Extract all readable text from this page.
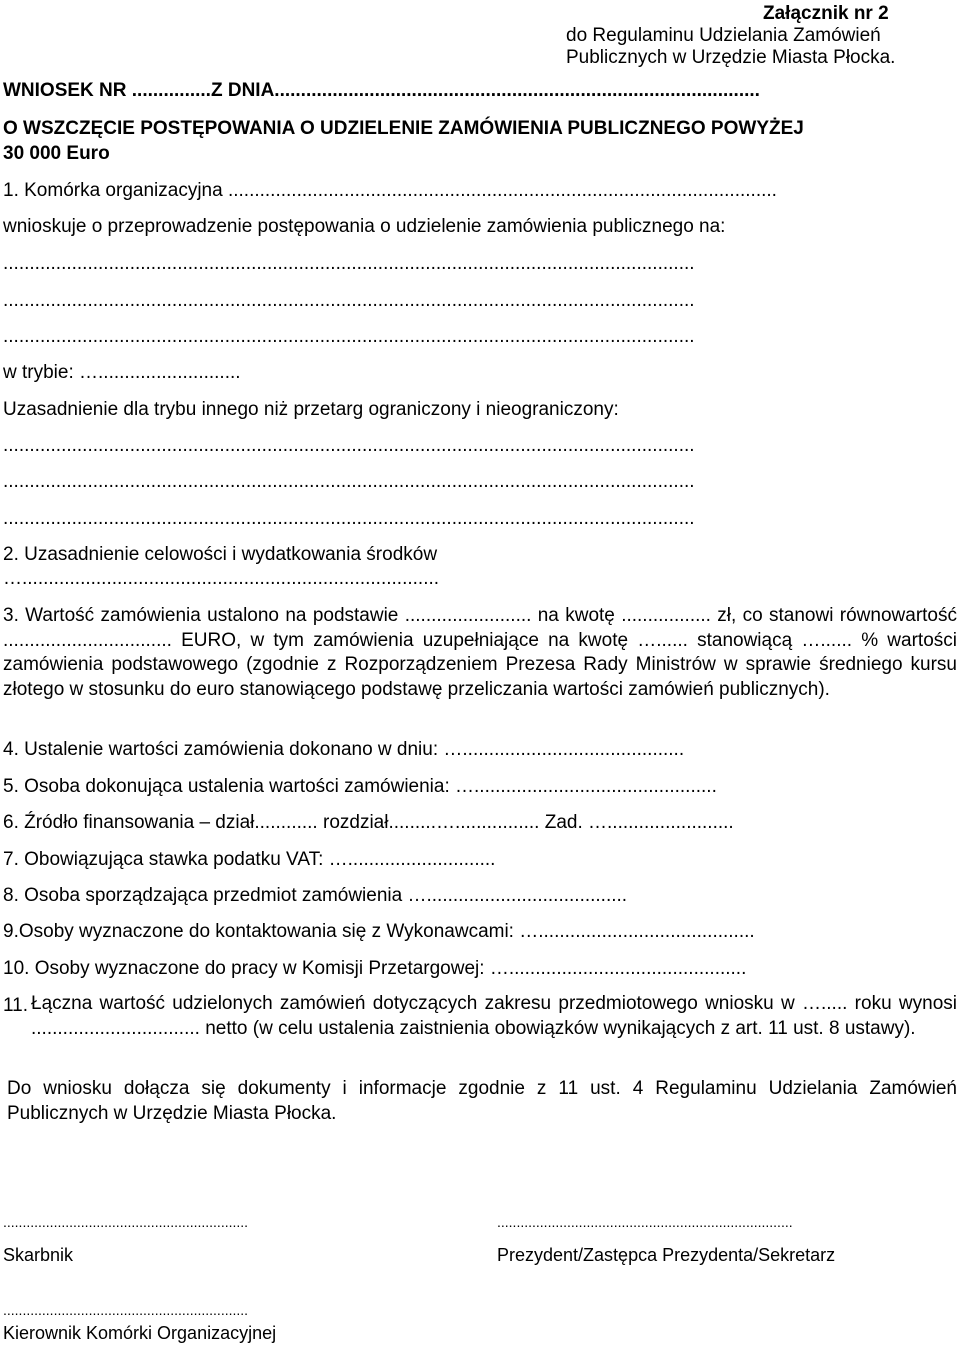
Załącznik nr 2
do Regulaminu Udzielania Zamówień
Publicznych w Urzędzie Miasta Płocka.
WNIOSEK NR ...............Z DNIA............................................................................................
O WSZCZĘCIE POSTĘPOWANIA O UDZIELENIE ZAMÓWIENIA PUBLICZNEGO POWYŻEJ
30 000 Euro
1. Komórka organizacyjna ........................................................................................................
wnioskuje o przeprowadzenie postępowania o udzielenie zamówienia publicznego na:
...................................................................................................................................
...................................................................................................................................
...................................................................................................................................
w trybie: …...........................
Uzasadnienie dla trybu innego niż przetarg ograniczony i nieograniczony:
...................................................................................................................................
...................................................................................................................................
...................................................................................................................................
2. Uzasadnienie celowości i wydatkowania środków
…...............................................................................
3. Wartość zamówienia ustalono na podstawie ........................ na kwotę ................. zł, co stanowi równowartość ................................ EURO, w tym zamówienia uzupełniające na kwotę …...... stanowiącą …...... % wartości zamówienia podstawowego (zgodnie z Rozporządzeniem Prezesa Rady Ministrów w sprawie średniego kursu złotego w stosunku do euro stanowiącego podstawę przeliczania wartości zamówień publicznych).
4. Ustalenie wartości zamówienia dokonano w dniu: …..........................................
5. Osoba dokonująca ustalenia wartości zamówienia: …..............................................
6. Źródło finansowania – dział............ rozdział.........…................ Zad. …........................
7. Obowiązująca stawka podatku VAT: …............................
8. Osoba sporządzająca przedmiot zamówienia …......................................
9.Osoby wyznaczone do kontaktowania się z Wykonawcami: ….........................................
10. Osoby wyznaczone do pracy w Komisji Przetargowej: ….............................................
11. Łączna wartość udzielonych zamówień dotyczących zakresu przedmiotowego wniosku w …..... roku wynosi ................................ netto (w celu ustalenia zaistnienia obowiązków wynikających z art. 11 ust. 8 ustawy).
Do wniosku dołącza się dokumenty i informacje zgodnie z 11 ust. 4 Regulaminu Udzielania Zamówień Publicznych w Urzędzie Miasta Płocka.
...............................................................	............................................................................
Skarbnik	Prezydent/Zastępca Prezydenta/Sekretarz
...............................................................
Kierownik Komórki Organizacyjnej
